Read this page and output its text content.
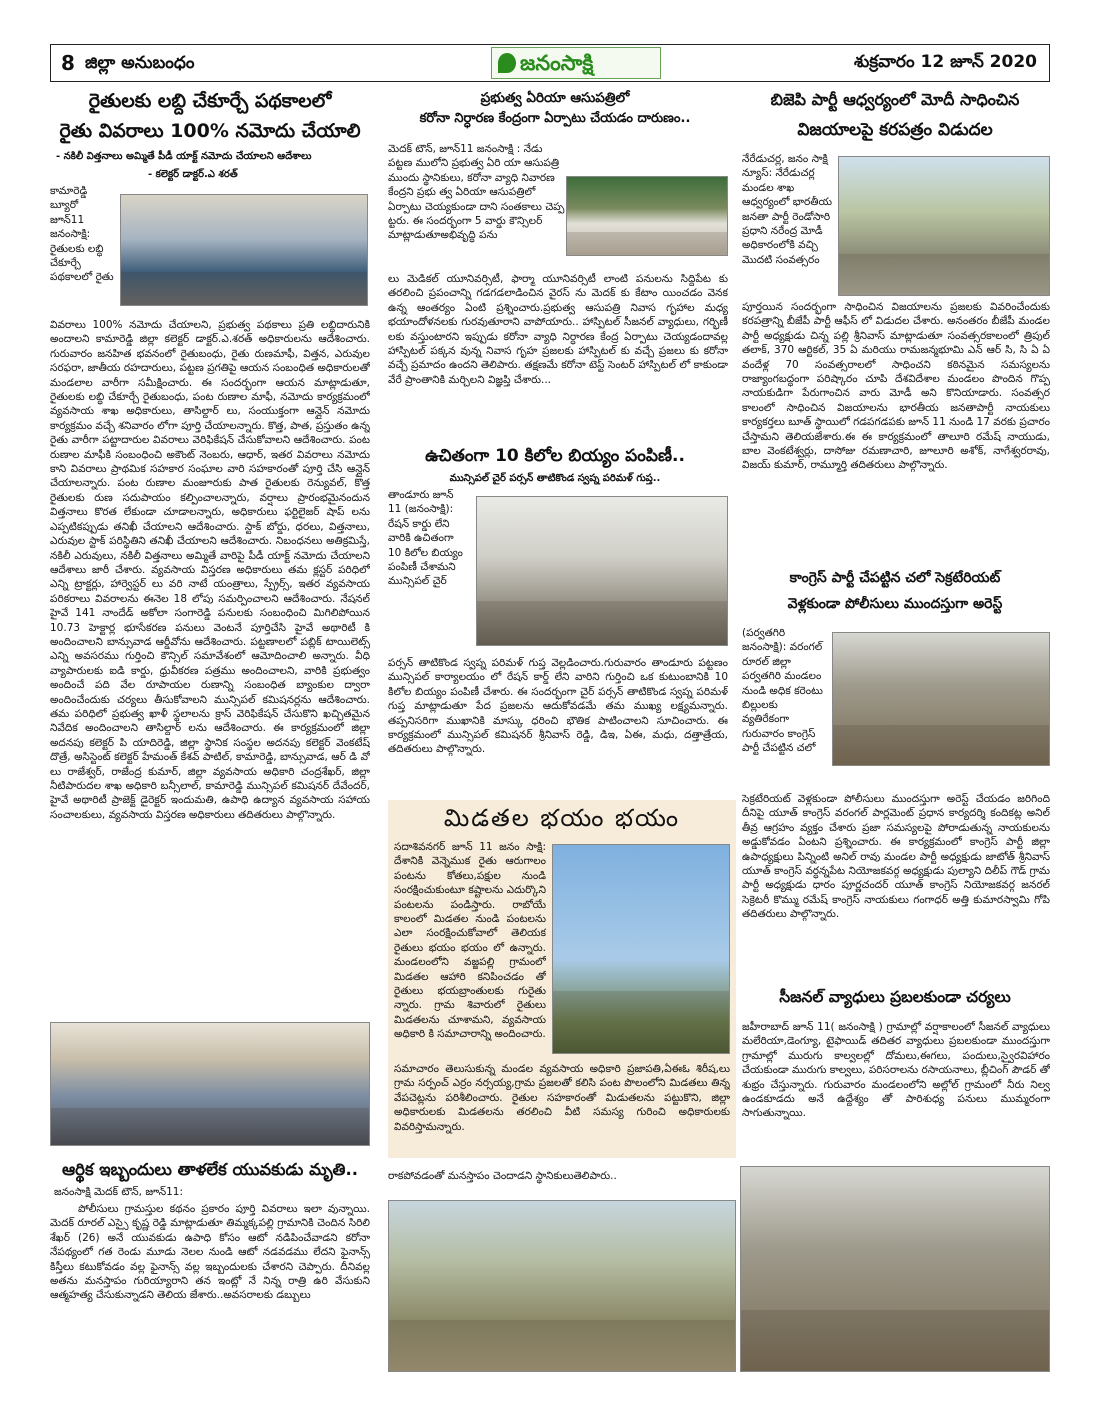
8 జిల్లా అనుబంధం	జనంసాక్షి	శుక్రవారం 12 జూన్ 2020
రైతులకు లబ్ది చేకూర్చే పథకాలలో
రైతు వివరాలు 100% నమోదు చేయాలి
- నకిలీ విత్తనాలు అమ్మితే పీడీ యాక్ట్ నమోదు చేయాలని ఆదేశాలు
- కలెక్టర్ డాక్టర్.ఎ శరత్
కామారెడ్డి బ్యూరో జూన్11 జనంసాక్షి: రైతులకు లబ్ధి చేకూర్చే పథకాలలో రైతు
వివరాలు 100% నమోదు చేయాలని, ప్రభుత్వ పథకాలు ప్రతి లబ్ధిదారునికి అందాలని కామారెడ్డి జిల్లా కలెక్టర్ డాక్టర్.ఎ.శరత్ అధికారులను ఆదేశించారు. గురువారం జనహిత భవనంలో రైతుబంధు, రైతు రుణమాఫీ, విత్తన, ఎరువుల సరఫరా, జాతీయ రహదారులు, పట్టణ ప్రగతిపై ఆయన సంబంధిత అధికారులతో మండలాల వారీగా సమీక్షించారు. ఈ సందర్భంగా ఆయన మాట్లాడుతూ, రైతులకు లబ్ధి చేకూర్చే రైతుబంధు, పంట రుణాల మాఫీ, నమోదు కార్యక్రమంలో వ్యవసాయ శాఖ అధికారులు, తాసిల్దార్ లు, సంయుక్తంగా ఆన్లైన్ నమోదు కార్యక్రమం వచ్చే శనివారం లోగా పూర్తి చేయాలన్నారు. కొత్త, పాత, ప్రస్తుతం ఉన్న రైతు వారీగా పట్టాదారుల వివరాలు వెరిఫికేషన్ చేసుకోవాలని ఆదేశించారు. పంట రుణాల మాఫీకి సంబంధించి అకౌంట్ నెంబరు, ఆధార్, ఇతర వివరాలు నమోదు కాని వివరాలు ప్రాథమిక సహకార సంఘాల వారి సహకారంతో పూర్తి చేసి ఆన్లైన్ చేయాలన్నారు. పంట రుణాల మంజూరుకు పాత రైతులకు రెన్యువల్, కొత్త రైతులకు రుణ సదుపాయం కల్పించాలన్నారు, వర్షాలు ప్రారంభమైనందున విత్తనాలు కొరత లేకుండా చూడాలన్నారు, అధికారులు ఫర్టిలైజర్ షాప్ లను ఎప్పటికప్పుడు తనిఖీ చేయాలని ఆదేశించారు. స్టాక్ బోర్డు, ధరలు, విత్తనాలు, ఎరువుల స్టాక్ పరిస్థితిని తనిఖీ చేయాలని ఆదేశించారు. నిబంధనలు అతిక్రమిస్తే, నకిలీ ఎరువులు, నకిలీ విత్తనాలు అమ్మితే వారిపై పీడీ యాక్ట్ నమోదు చేయాలని ఆదేశాలు జారీ చేశారు. వ్యవసాయ విస్తరణ అధికారులు తమ క్లస్టర్ పరిధిలో ఎన్ని ట్రాక్టర్లు, హార్వెస్టర్ లు వరి నాటే యంత్రాలు, స్ప్రేర్స్, ఇతర వ్యవసాయ పరికరాలు వివరాలను ఈనెల 18 లోపు సమర్పించాలని ఆదేశించారు. నేషనల్ హైవే 141 నాందేడ్ అకోలా సంగారెడ్డి పనులకు సంబంధించి మిగిలిపోయిన 10.73 హెక్టార్ల భూసేకరణ పనులు వెంటనే పూర్తిచేసి హైవే అథారిటీ కి అందించాలని బాన్సువాడ ఆర్డీవోను ఆదేశించారు. పట్టణాలలో పబ్లిక్ టాయిలెట్స్ ఎన్ని అవసరము గుర్తించి కౌన్సిల్ సమావేశంలో ఆమోదించాలి అన్నారు. వీధి వ్యాపారులకు ఐడి కార్డు, ధ్రువీకరణ పత్రము అందించాలని, వారికి ప్రభుత్వం అందించే పది వేల రూపాయల రుణాన్ని సంబంధిత బ్యాంకుల ద్వారా అందించేందుకు చర్యలు తీసుకోవాలని మున్సిపల్ కమిషనర్లను ఆదేశించారు. తమ పరిధిలో ప్రభుత్వ ఖాళీ స్థలాలను క్రాస్ వెరిఫికేషన్ చేసుకొని ఖచ్చితమైన నివేదిక అందించాలని తాసిల్దార్ లను ఆదేశించారు. ఈ కార్యక్రమంలో జిల్లా అదనపు కలెక్టర్ పి యాదిరెడ్డి, జిల్లా స్థానిక సంస్థల అదనపు కలెక్టర్ వెంకటేష్ దొత్రే, అసిస్టెంట్ కలెక్టర్ హేమంత్ కేశవ్ పాటిల్, కామారెడ్డి, బాన్సువాడ, ఆర్ డి వో లు రాజేశ్వర్, రాజేంద్ర కుమార్, జిల్లా వ్యవసాయ అధికారి చంద్రశేఖర్, జిల్లా నీటిపారుదల శాఖ అధికారి బన్సీలాల్, కామారెడ్డి మున్సిపల్ కమిషనర్ దేవేందర్, హైవే అథారిటీ ప్రాజెక్ట్ డైరెక్టర్ ఇందుమతి, ఉపాధి ఉద్యాన వ్యవసాయ సహాయ సంచాలకులు, వ్యవసాయ విస్తరణ అధికారులు తదితరులు పాల్గొన్నారు.
ఆర్థిక ఇబ్బందులు తాళలేక యువకుడు మృతి..
జనంసాక్షి మెదక్ టౌన్, జూన్11:
పోలీసులు గ్రామస్తుల కథనం ప్రకారం పూర్తి వివరాలు ఇలా వున్నాయి. మెదక్ రూరల్ ఎస్సై కృష్ణ రెడ్డి మాట్లాడుతూ తిమ్మక్కపల్లి గ్రామానికి చెందిన సిరిలి శేఖర్ (26) అనే యువకుడు ఉపాధి కోసం ఆటో నడిపించేవాడని కరోనా నేపథ్యంలో గత రెండు మూడు నెలల నుండి ఆటో నడవడము లేదని ఫైనాన్స్ కిస్తీలు కటుకోవడం వల్ల ఫైనాన్స్ వల్ల ఇబ్బందులకు చేశారని చెప్పారు. దీనివల్ల అతను మనస్తాపం గురియ్యారాని తన ఇంట్లో నే నిన్న రాత్రి ఉరి వేసుకుని ఆత్మహత్య చేసుకున్నాడని తెలియ జేశారు..అవసరాలకు డబ్బులు
ప్రభుత్వ ఏరియా ఆసుపత్రిలో
కరోనా నిర్ధారణ కేంద్రంగా ఏర్పాటు చేయడం దారుణం..
మెదక్ టౌన్, జూన్11 జనంసాక్షి : నేడు పట్టణ ములోని ప్రభుత్వ ఏరి యా ఆసుపత్రి ముందు స్థానికులు, కరోనా వ్యాధి నివారణ కేంద్రని ప్రభు త్వ ఏరియా ఆసుపత్రిలో ఏర్పాటు చెయ్యకుండా దాని సంతకాలు చెప్ప ట్టరు. ఈ సందర్భంగా 5 వార్డు కౌన్సిలర్ మాట్లాడుతూఅభివృద్ధి పను
లు మెడికల్ యూనివర్సిటీ, ఫార్మా యూనివర్సిటీ లాంటి పనులను సిద్దిపేట కు తరలించి ప్రపంచాన్ని గడగడలాడించిన వైరస్ ను మెదక్ కు కేటాం యించడం వెనక ఉన్న ఆంతర్యం ఏంటి ప్రశ్నించారు.ప్రభుత్వ ఆసుపత్రి నివాస గృహాల మధ్య భయాందోళనలకు గురవుతూరాని వాపోయారు.. హాస్పిటల్ సీజనల్ వ్యాధులు, గర్భిణీ లకు వస్తుంటారని ఇప్పుడు కరోనా వ్యాధి నిర్ధారణ కేంద్ర ఏర్పాటు చెయ్యడందావల్ల హాస్పిటల్ పక్కన వున్న నివాస గృహ ప్రజలకు హాస్పిటల్ కు వచ్చే ప్రజలు కు కరోనా వచ్చే ప్రమాదం ఉందని తెలిపారు. తక్షణమే కరోనా టెస్ట్ సెంటర్ హాస్పిటల్ లో కాకుండా వేరే ప్రాంతానికి మర్చిలని విజ్ఞప్తి చేశారు...
ఉచితంగా 10 కిలోల బియ్యం పంపిణీ..
మున్సిపల్ చైర్ పర్సన్ తాటికొండ స్వప్న పరిమళ్ గుప్త..
తాండూరు జూన్ 11 (జనంసాక్షి): రేషన్ కార్డు లేని వారికి ఉచితంగా 10 కిలోల బియ్యం పంపిణీ చేశామని మున్సిపల్ చైర్
పర్సన్ తాటికొండ స్వప్న పరిమళ్ గుప్త వెల్లడించారు.గురువారం తాండూరు పట్టణం మున్సిపల్ కార్యాలయం లో రేషన్ కార్డ్ లేని వారిని గుర్తించి ఒక కుటుంబానికి 10 కిలోల బియ్యం పంపిణీ చేశారు. ఈ సందర్భంగా చైర్ పర్సన్ తాటికొండ స్వప్న పరిమళ్ గుప్త మాట్లాడుతూ పేద ప్రజలను ఆదుకోవడమే తమ ముఖ్య లక్ష్యమన్నారు. తప్పనిసరిగా ముఖానికి మాస్కు ధరించి భౌతిక పాటించాలని సూచించారు. ఈ కార్యక్రమంలో మున్సిపల్ కమిషనర్ శ్రీనివాస్ రెడ్డి, డిఇ, ఏఈ, మధు, దత్తాత్రేయ, తదితరులు పాల్గొన్నారు.
మిడతల భయం భయం
సదాశివనగర్ జూన్ 11 జనం సాక్షి: దేశానికి వెన్నెముక రైతు ఆరుగాలం పంటను కోతలు,పక్షుల నుండి సంరక్షించుకుంటూ కష్టాలను ఎదుర్కొని పంటలను పండిస్తారు. రాబోయే కాలంలో మిడతల నుండి పంటలను ఎలా సంరక్షించుకోవాలో తెలియక రైతులు భయం భయం లో ఉన్నారు. మండలంలోని వజ్జపల్లి గ్రామంలో మిడతల ఆహారి కనిపించడం తో రైతులు భయబ్రాంతులకు గురైతు న్నారు. గ్రామ శివారులో రైతులు మిడతలను చూశామని, వ్యవసాయ అధికారి కి సమాచారాన్ని అందించారు.
సమాచారం తెలుసుకున్న మండల వ్యవసాయ అధికారి ప్రజాపతి,ఏఈఓ శిరీష,లు గ్రామ సర్పంచ్ ఎర్రం నర్సయ్య,గ్రామ ప్రజలతో కలిసి పంట పొలంలోని మిడతలు తిన్న వేపచెట్లను పరిశీలించారు. రైతుల సహకారంతో మిడుతలను పట్టుకొని, జిల్లా అధికారులకు మిడతలను తరలించి వీటి సమస్య గురించి అధికారులకు వివరిస్తామన్నారు.
రాకపోవడంతో మనస్తాపం చెందాడని స్థానికులుతెలిపారు..
బిజెపి పార్టీ ఆధ్వర్యంలో మోదీ సాధించిన
విజయాలపై కరపత్రం విడుదల
నేరేడుచర్ల, జనం సాక్షి న్యూస్: నేరేడుచర్ల మండల శాఖ ఆధ్వర్యంలో భారతీయ జనతా పార్టీ రెండోసారి ప్రధాని నరేంద్ర మోడీ అధికారంలోకి వచ్చి మొదటి సంవత్సరం
పూర్తయిన సందర్భంగా సాధించిన విజయాలను ప్రజలకు వివరించేందుకు కరపత్రాన్ని బీజేపీ పార్టీ ఆఫీస్ లో విడుదల చేశారు. అనంతరం బీజేపీ మండల పార్టీ అధ్యక్షుడు చిన్న పల్లి శ్రీనివాస్ మాట్లాడుతూ సంవత్సరకాలంలో త్రిపుల్ తలాక్, 370 ఆర్టికల్, 35 ఏ మరియు రామజన్మభూమి ఎన్ ఆర్ సి, సి ఏ ఏ వందేళ్ల 70 సంవత్సరాలలో సాధించని కఠినమైన సమస్యలను రాజ్యాంగబద్ధంగా పరిష్కారం చూపి దేశవిదేశాల మండలం పొందిన గొప్ప నాయకుడిగా పేరుగాంచిన వారు మోడీ అని కొనియాడారు. సంవత్సర కాలంలో సాధించిన విజయాలను భారతీయ జనతాపార్టీ నాయకులు కార్యకర్తలు బూత్ స్థాయిలో గడపగడపకు జూన్ 11 నుండి 17 వరకు ప్రచారం చేస్తామని తెలియజేశారు.ఈ ఈ కార్యక్రమంలో తాలూరి రమేష్ నాయుడు, బాల వెంకటేశ్వర్లు, దాసోజు రమణాచారి, జూలూరి అశోక్, నాగేశ్వరరావు, విజయ్ కుమార్, రామ్మూర్తి తదితరులు పాల్గొన్నారు.
కాంగ్రెస్ పార్టీ చేపట్టిన చలో సెక్రటేరియట్
వెళ్లకుండా పోలీసులు ముందస్తుగా అరెస్ట్
(పర్వతగిరి జనంసాక్షి): వరంగల్ రూరల్ జిల్లా పర్వతగిరి మండలం నుండి అధిక కరెంటు బిల్లులకు వ్యతిరేకంగా గురువారం కాంగ్రెస్ పార్టీ చేపట్టిన చలో
సెక్రటేరియట్ వెళ్లకుండా పోలీసులు ముందస్తుగా అరెస్ట్ చేయడం జరిగింది దీనిపై యూత్ కాంగ్రెస్ వరంగల్ పార్లమెంట్ ప్రధాన కార్యదర్శి కందికట్ల అనిల్ తీవ్ర ఆగ్రహం వ్యక్తం చేశారు ప్రజా సమస్యలపై పోరాడుతున్న నాయకులను అడ్డుకోవడం ఏంటని ప్రశ్నించారు. ఈ కార్యక్రమంలో కాంగ్రెస్ పార్టీ జిల్లా ఉపాధ్యక్షులు పిన్నింటి అనిల్ రావు మండల పార్టీ అధ్యక్షుడు జాటోత్ శ్రీనివాస్ యూత్ కాంగ్రెస్ వర్ధన్నపేట నియోజకవర్గ అధ్యక్షుడు పుల్యాని దిలీప్ గౌడ్ గ్రామ పార్టీ అధ్యక్షుడు ధారం పూర్ణచందర్ యూత్ కాంగ్రెస్ నియోజకవర్గ జనరల్ సెక్రెటరీ కొమ్ము రమేష్ కాంగ్రెస్ నాయకులు గంగాధర్ అత్తి కుమారస్వామి గోపి తదితరులు పాల్గొన్నారు.
సీజనల్ వ్యాధులు ప్రబలకుండా చర్యలు
జహీరాబాద్ జూన్ 11( జనంసాక్షి ) గ్రామాల్లో వర్షాకాలంలో సీజనల్ వ్యాధులు మలేరియా,డెంగ్యూ, టైఫాయిడ్ తదితర వ్యాధులు ప్రబలకుండా ముందస్తుగా గ్రామాల్లో మురుగు కాల్వలల్లో దోమలు,ఈగలు, పందులు,స్వైరవిహారం చేయకుండా మురుగు కాల్వలు, పరిసరాలను రసాయనాలు, బ్లీచింగ్ పౌడర్ తో శుభ్రం చేస్తున్నారు. గురువారం మండలంలోని అల్లోల్ గ్రామంలో నీరు నిల్వ ఉండకూడదు అనే ఉద్దేశ్యం తో పారిశుధ్య పనులు ముమ్మరంగా సాగుతున్నాయి.
